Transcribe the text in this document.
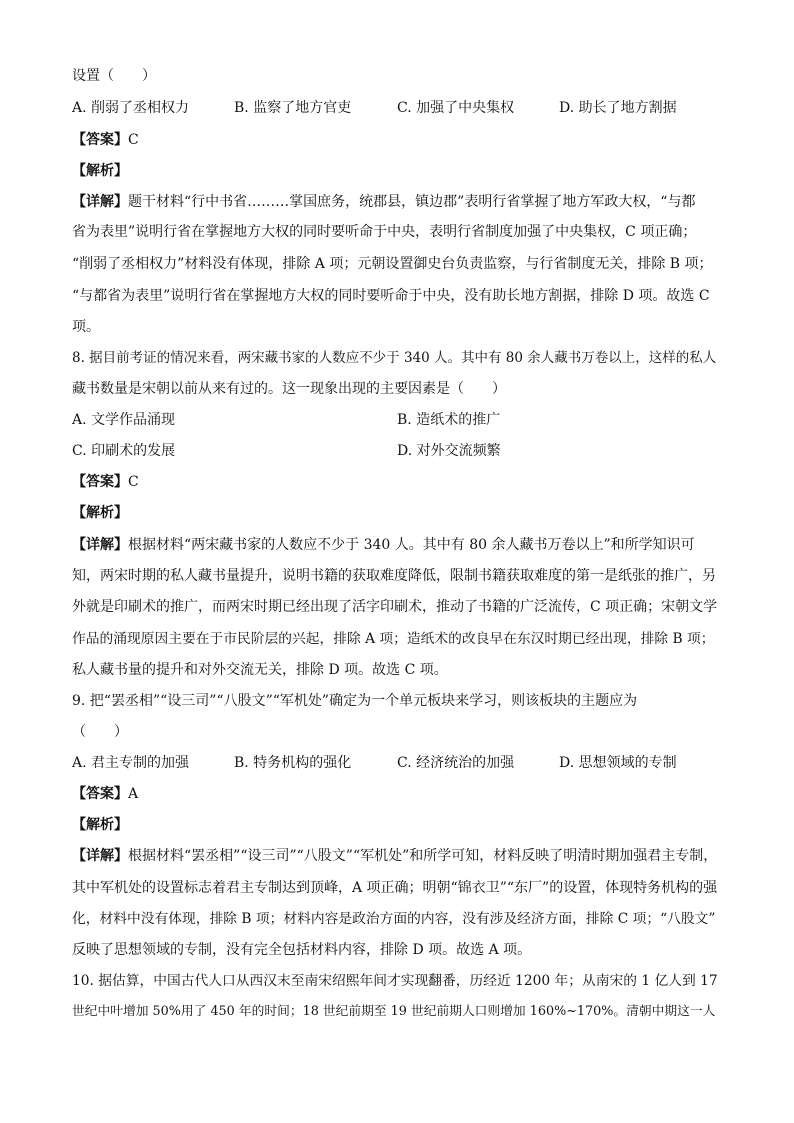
设置（　　）
A. 削弱了丞相权力	B. 监察了地方官吏	C. 加强了中央集权	D. 助长了地方割据
【答案】C
【解析】
【详解】题干材料“行中书省………掌国庶务，统郡县，镇边郡”表明行省掌握了地方军政大权，“与都
省为表里”说明行省在掌握地方大权的同时要听命于中央，表明行省制度加强了中央集权，C 项正确；
“削弱了丞相权力”材料没有体现，排除 A 项；元朝设置御史台负责监察，与行省制度无关，排除 B 项；
“与都省为表里”说明行省在掌握地方大权的同时要听命于中央，没有助长地方割据，排除 D 项。故选 C
项。
8. 据目前考证的情况来看，两宋藏书家的人数应不少于 340 人。其中有 80 余人藏书万卷以上，这样的私人
藏书数量是宋朝以前从来有过的。这一现象出现的主要因素是（　　）
A. 文学作品涌现	B. 造纸术的推广
C. 印刷术的发展	D. 对外交流频繁
【答案】C
【解析】
【详解】根据材料“两宋藏书家的人数应不少于 340 人。其中有 80 余人藏书万卷以上”和所学知识可
知，两宋时期的私人藏书量提升，说明书籍的获取难度降低，限制书籍获取难度的第一是纸张的推广，另
外就是印刷术的推广，而两宋时期已经出现了活字印刷术，推动了书籍的广泛流传，C 项正确；宋朝文学
作品的涌现原因主要在于市民阶层的兴起，排除 A 项；造纸术的改良早在东汉时期已经出现，排除 B 项；
私人藏书量的提升和对外交流无关，排除 D 项。故选 C 项。
9. 把“罢丞相”“设三司”“八股文”“军机处”确定为一个单元板块来学习，则该板块的主题应为
（　　）
A. 君主专制的加强	B. 特务机构的强化	C. 经济统治的加强	D. 思想领域的专制
【答案】A
【解析】
【详解】根据材料“罢丞相”“设三司”“八股文”“军机处”和所学可知，材料反映了明清时期加强君主专制，
其中军机处的设置标志着君主专制达到顶峰，A 项正确；明朝“锦衣卫”“东厂”的设置，体现特务机构的强
化，材料中没有体现，排除 B 项；材料内容是政治方面的内容，没有涉及经济方面，排除 C 项；“八股文”
反映了思想领域的专制，没有完全包括材料内容，排除 D 项。故选 A 项。
10. 据估算，中国古代人口从西汉末至南宋绍熙年间才实现翻番，历经近 1200 年；从南宋的 1 亿人到 17
世纪中叶增加 50%用了 450 年的时间；18 世纪前期至 19 世纪前期人口则增加 160%~170%。清朝中期这一人
